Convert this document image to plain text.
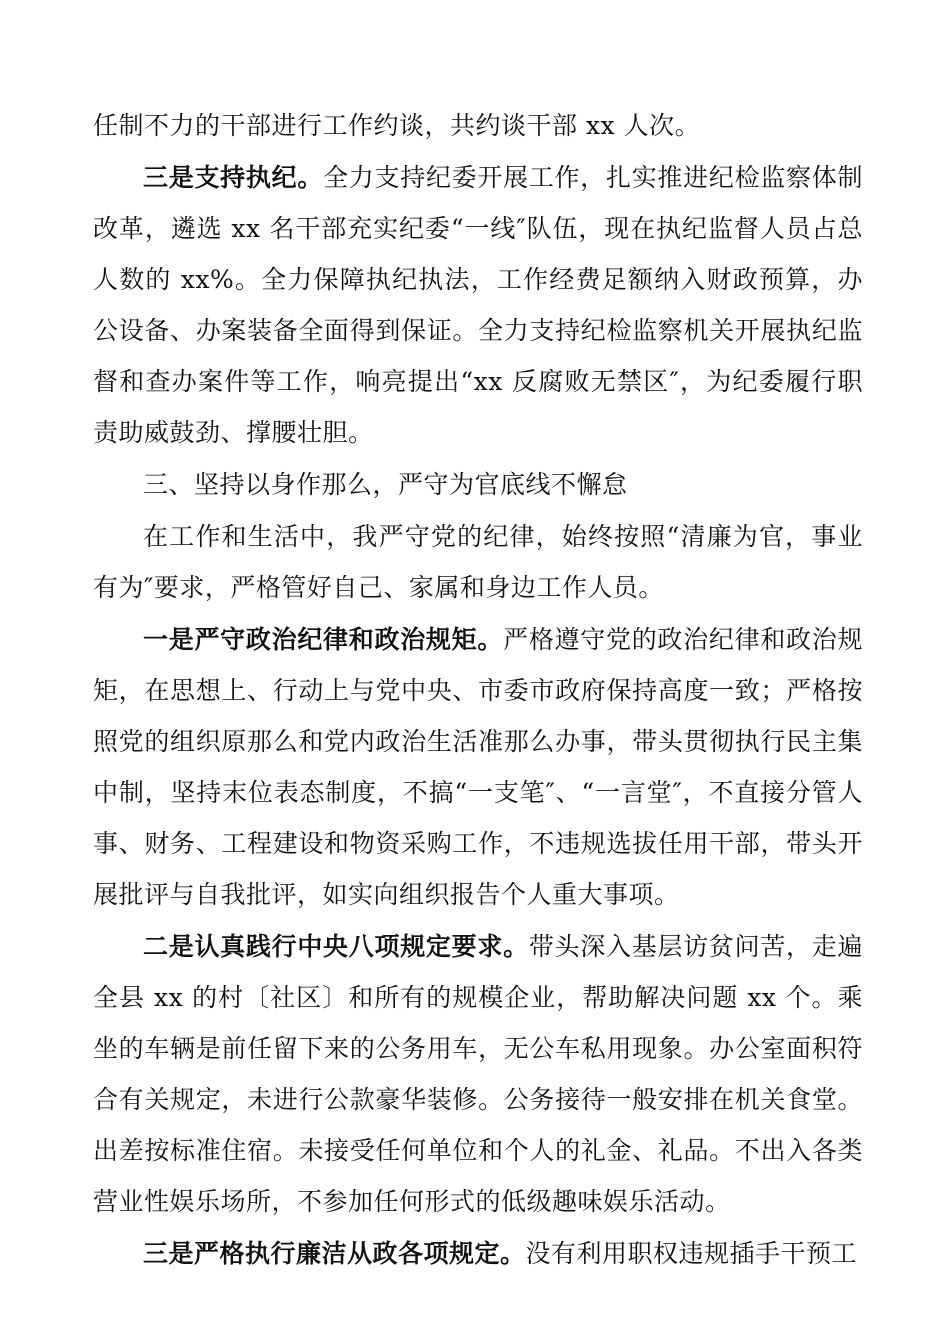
任制不力的干部进行工作约谈，共约谈干部 xx 人次。

三是支持执纪。全力支持纪委开展工作，扎实推进纪检监察体制改革，遴选 xx 名干部充实纪委“一线″队伍，现在执纪监督人员占总人数的 xx%。全力保障执纪执法，工作经费足额纳入财政预算，办公设备、办案装备全面得到保证。全力支持纪检监察机关开展执纪监督和查办案件等工作，响亮提出“xx 反腐败无禁区″，为纪委履行职责助威鼓劲、撑腰壮胆。

三、坚持以身作那么，严守为官底线不懈怠

在工作和生活中，我严守党的纪律，始终按照“清廉为官，事业有为″要求，严格管好自己、家属和身边工作人员。

一是严守政治纪律和政治规矩。严格遵守党的政治纪律和政治规矩，在思想上、行动上与党中央、市委市政府保持高度一致；严格按照党的组织原那么和党内政治生活准那么办事，带头贯彻执行民主集中制，坚持末位表态制度，不搞“一支笔″、“一言堂″，不直接分管人事、财务、工程建设和物资采购工作，不违规选拔任用干部，带头开展批评与自我批评，如实向组织报告个人重大事项。

二是认真践行中央八项规定要求。带头深入基层访贫问苦，走遍全县 xx 的村〔社区〕和所有的规模企业，帮助解决问题 xx 个。乘坐的车辆是前任留下来的公务用车，无公车私用现象。办公室面积符合有关规定，未进行公款豪华装修。公务接待一般安排在机关食堂。出差按标准住宿。未接受任何单位和个人的礼金、礼品。不出入各类营业性娱乐场所，不参加任何形式的低级趣味娱乐活动。

三是严格执行廉洁从政各项规定。没有利用职权违规插手干预工
